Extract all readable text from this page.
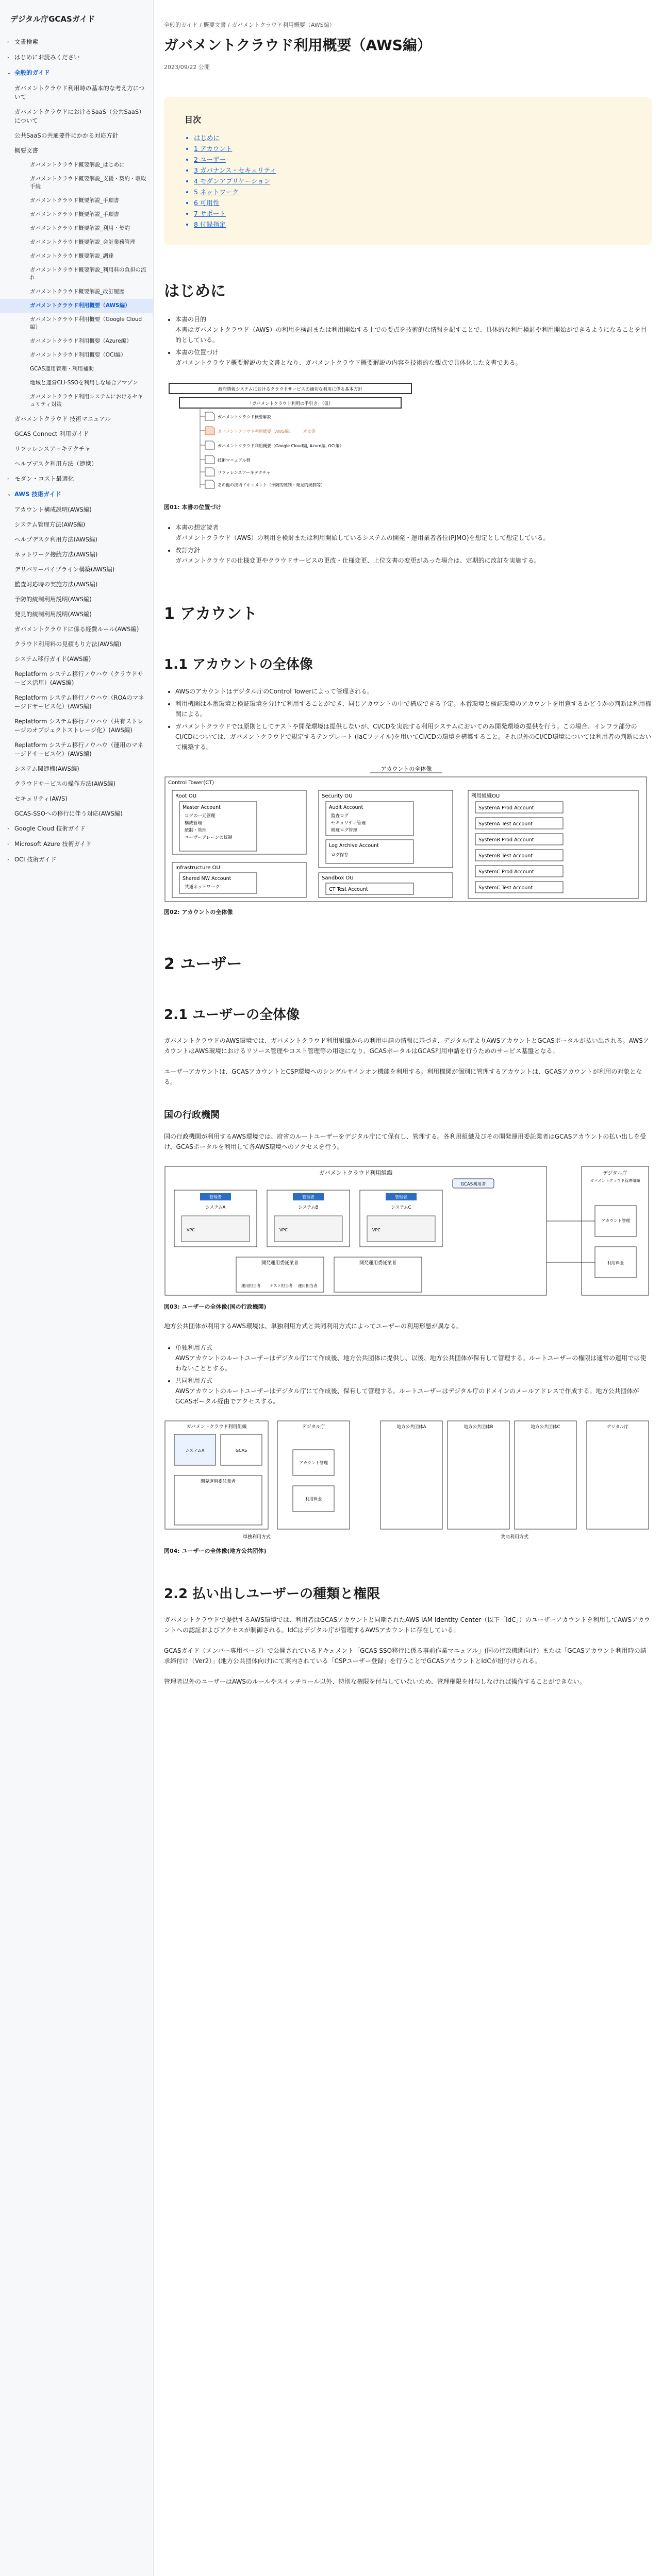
デジタル庁GCASガイド
› 文書検索
› はじめにお読みください
⌄ 全般的ガイド
ガバメントクラウド利用時の基本的な考え方について
ガバメントクラウドにおけるSaaS（公共SaaS）について
公共SaaSの共通要件にかかる対応方針
概要文書
ガバメントクラウド概要解説_はじめに
ガバメントクラウド概要解説_支援・契約・収取手続
ガバメントクラウド概要解説_手順書
ガバメントクラウド概要解説_手順書
ガバメントクラウド概要解説_利用・契約
ガバメントクラウド概要解説_会計業務管理
ガバメントクラウド概要解説_調達
ガバメントクラウド概要解説_利用料の負担の流れ
ガバメントクラウド概要解説_改訂履歴
ガバメントクラウド利用概要（AWS編）
ガバメントクラウド利用概要（Google Cloud編）
ガバメントクラウド利用概要（Azure編）
ガバメントクラウド利用概要（OCI編）
GCAS運用管理・利用補助
地域と運営CLI-SSOを利用しな場合アマゾン
ガバメントクラウド利用システムにおけるセキュリティ対策
ガバメントクラウド 技術マニュアル
GCAS Connect 利用ガイド
リファレンスアーキテクチャ
ヘルプデスク利用方法（連携）
› モダン・コスト最適化
⌄ AWS 技術ガイド
アカウント構成説明(AWS編)
システム管理方法(AWS編)
ヘルプデスク利用方法(AWS編)
ネットワーク接続方法(AWS編)
デリバリーパイプライン構築(AWS編)
監査対応時の実施方法(AWS編)
予防的統制利用説明(AWS編)
発見的統制利用説明(AWS編)
ガバメントクラウドに係る経費ルール(AWS編)
クラウド利用料の見積もり方法(AWS編)
システム移行ガイド(AWS編)
Replatform システム移行ノウハウ（クラウドサービス活用）(AWS編)
Replatform システム移行ノウハウ（ROAのマネージドサービス化）(AWS編)
Replatform システム移行ノウハウ（共有ストレージのオブジェクトストレージ化）(AWS編)
Replatform システム移行ノウハウ（運用のマネージドサービス化）(AWS編)
システム関連機(AWS編)
クラウドサービスの操作方法(AWS編)
セキュリティ(AWS)
GCAS-SSOへの移行に伴う対応(AWS編)
› Google Cloud 技術ガイド
› Microsoft Azure 技術ガイド
› OCI 技術ガイド
全般的ガイド / 概要文書 / ガバメントクラウド利用概要（AWS編）
ガバメントクラウド利用概要（AWS編）
2023/09/22 公開
目次
• はじめに
• 1 アカウント
• 2 ユーザー
• 3 ガバナンス・セキュリティ
• 4 モダンアプリケーション
• 5 ネットワーク
• 6 可用性
• 7 サポート
• 8 付録指定
はじめに
• 本書の目的
本書はガバメントクラウド（AWS）の利用を検討または利用開始する上での要点を技術的な情報を記すことで、具体的な利用検討や利用開始ができるようになることを目的としている。
• 本書の位置づけ
ガバメントクラウド概要解説の大文書となり、ガバメントクラウド概要解説の内容を技術的な観点で具体化した文書である。
政府情報システムにおけるクラウドサービスの適切な利用に係る基本方針
「ガバメントクラウド利用の手引き」（仮）
ガバメントクラウド概要解説
ガバメントクラウド利用概要（AWS編）	本文書
ガバメントクラウド利用概要（Google Cloud編, Azure編, OCI編）
技術マニュアル群
リファレンスアーキテクチャ
その他の技術ドキュメント（予防的統制・発見的統制等）
図01: 本書の位置づけ
• 本書の想定読者
ガバメントクラウド（AWS）の利用を検討または利用開始しているシステムの開発・運用業者各位(PJMO)を想定として想定している。
• 改訂方針
ガバメントクラウドの仕様変更やクラウドサービスの更改・仕様変更、上位文書の変更があった場合は、定期的に改訂を実施する。
1 アカウント
1.1 アカウントの全体像
• AWSのアカウントはデジタル庁のControl Towerによって管理される。
• 利用機関は本番環境と検証環境を分けて利用することができ、同じアカウントの中で構成できる予定。本番環境と検証環境のアカウントを用意するかどうかの判断は利用機関による。
• ガバメントクラウドでは原則としてテストや開発環境は提供しないが、CI/CDを実施する利用システムにおいてのみ開発環境の提供を行う。この場合、インフラ部分のCI/CDについては、ガバメントクラウドで規定するテンプレート (IaCファイル)を用いてCI/CDの環境を構築すること。それ以外のCI/CD環境については利用者の判断において構築する。
アカウントの全体像
Control Tower(CT)
Root OU
Master Account
ログの一元管理
構成管理
統制・管理
ユーザープレーンの統制
Infrastructure OU
Shared NW Account
共通ネットワーク
Security OU
Audit Account
監査ログ
セキュリティ管理
検疫ログ管理
Log Archive Account
ログ保存
Sandbox OU
CT Test Account
利用組織OU
SystemA Prod Account
SystemA Test Account
SystemB Prod Account
SystemB Test Account
SystemC Prod Account
SystemC Test Account
図02: アカウントの全体像
2 ユーザー
2.1 ユーザーの全体像

ガバメントクラウドのAWS環境では、ガバメントクラウド利用組織からの利用申請の情報に基づき、デジタル庁よりAWSアカウントとGCASポータルが払い出される。AWSアカウントはAWS環境におけるリソース管理やコスト管理等の用途になり、GCASポータルはGCAS利用申請を行うためのサービス基盤となる。

ユーザーアカウントは、GCASアカウントとCSP環境へのシングルサインオン機能を利用する。利用機関が個別に管理するアカウントは、GCASアカウントが利用の対象となる。

国の行政機関

国の行政機関が利用するAWS環境では、府省のルートユーザーをデジタル庁にて保有し、管理する。各利用組織及びその開発運用委託業者はGCASアカウントの払い出しを受け、GCASポータルを利用して各AWS環境へのアクセスを行う。

ガバメントクラウド利用組織
GCAS利用者
管理者
システムA
VPC
管理者
システムB
VPC
管理者
システムC
VPC
開発運用委託業者	開発運用委託業者
運用担当者 テスト担当者 運用担当者
デジタル庁
ガバメントクラウド管理組織
アカウント管理
利用料金
図03: ユーザーの全体像(国の行政機関)

地方公共団体が利用するAWS環境は、単独利用方式と共同利用方式によってユーザーの利用形態が異なる。

• 単独利用方式
AWSアカウントのルートユーザーはデジタル庁にて作成後、地方公共団体に提供し、以後、地方公共団体が保有して管理する。ルートユーザーの権限は通常の運用では使わないこととする。
• 共同利用方式
AWSアカウントのルートユーザーはデジタル庁にて作成後、保有して管理する。ルートユーザーはデジタル庁のドメインのメールアドレスで作成する。地方公共団体がGCASポータル経由でアクセスする。
ガバメントクラウド利用組織
システムA	GCAS
開発運用委託業者
デジタル庁
アカウント管理
利用料金
単独利用方式
地方公共団体A	地方公共団体B	地方公共団体C	デジタル庁
共同利用方式
図04: ユーザーの全体像(地方公共団体)
2.2 払い出しユーザーの種類と権限

ガバメントクラウドで提供するAWS環境では、利用者はGCASアカウントと同期されたAWS IAM Identity Center（以下「IdC」）のユーザーアカウントを利用してAWSアカウントへの認証およびアクセスが制御される。IdCはデジタル庁が管理するAWSアカウントに存在している。

GCASガイド（メンバー専用ページ）で公開されているドキュメント「GCAS SSO移行に係る事前作業マニュアル」(国の行政機関向け）または「GCASアカウント利用時の請求締付け（Ver2）」(地方公共団体向け)にて案内されている「CSPユーザー登録」を行うことでGCASアカウントとIdCが紐付けられる。

管理者以外のユーザーはAWSのルールやスイッチロール以外、特別な権限を付与していないため、管理権限を付与しなければ操作することができない。
